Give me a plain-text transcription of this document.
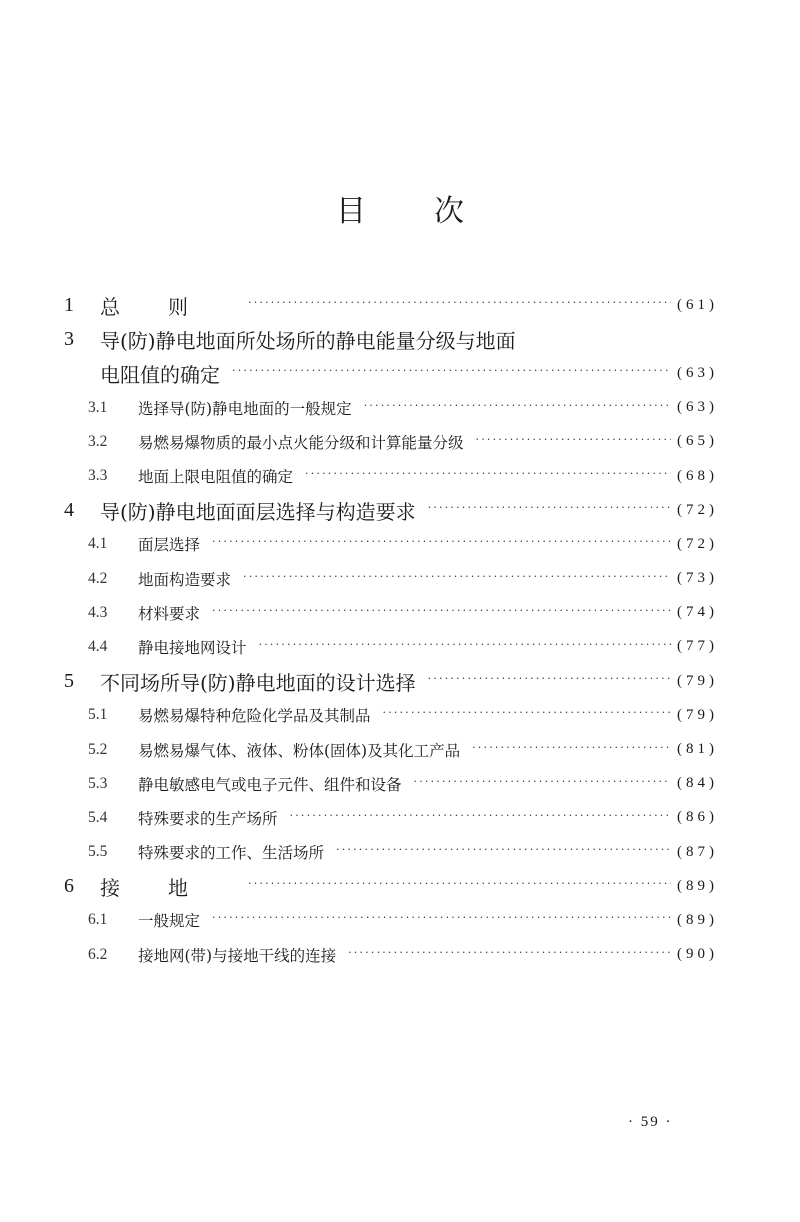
目 次
1	总则 ·····	(61)
3	导(防)静电地面所处场所的静电能量分级与地面
电阻值的确定 ·····	(63)
3.1	选择导(防)静电地面的一般规定 ·····	(63)
3.2	易燃易爆物质的最小点火能分级和计算能量分级 ·····	(65)
3.3	地面上限电阻值的确定 ·····	(68)
4	导(防)静电地面面层选择与构造要求 ·····	(72)
4.1	面层选择 ·····	(72)
4.2	地面构造要求 ·····	(73)
4.3	材料要求 ·····	(74)
4.4	静电接地网设计 ·····	(77)
5	不同场所导(防)静电地面的设计选择 ·····	(79)
5.1	易燃易爆特种危险化学品及其制品 ·····	(79)
5.2	易燃易爆气体、液体、粉体(固体)及其化工产品 ·····	(81)
5.3	静电敏感电气或电子元件、组件和设备 ·····	(84)
5.4	特殊要求的生产场所 ·····	(86)
5.5	特殊要求的工作、生活场所 ·····	(87)
6	接地 ·····	(89)
6.1	一般规定 ·····	(89)
6.2	接地网(带)与接地干线的连接 ·····	(90)
· 59 ·
